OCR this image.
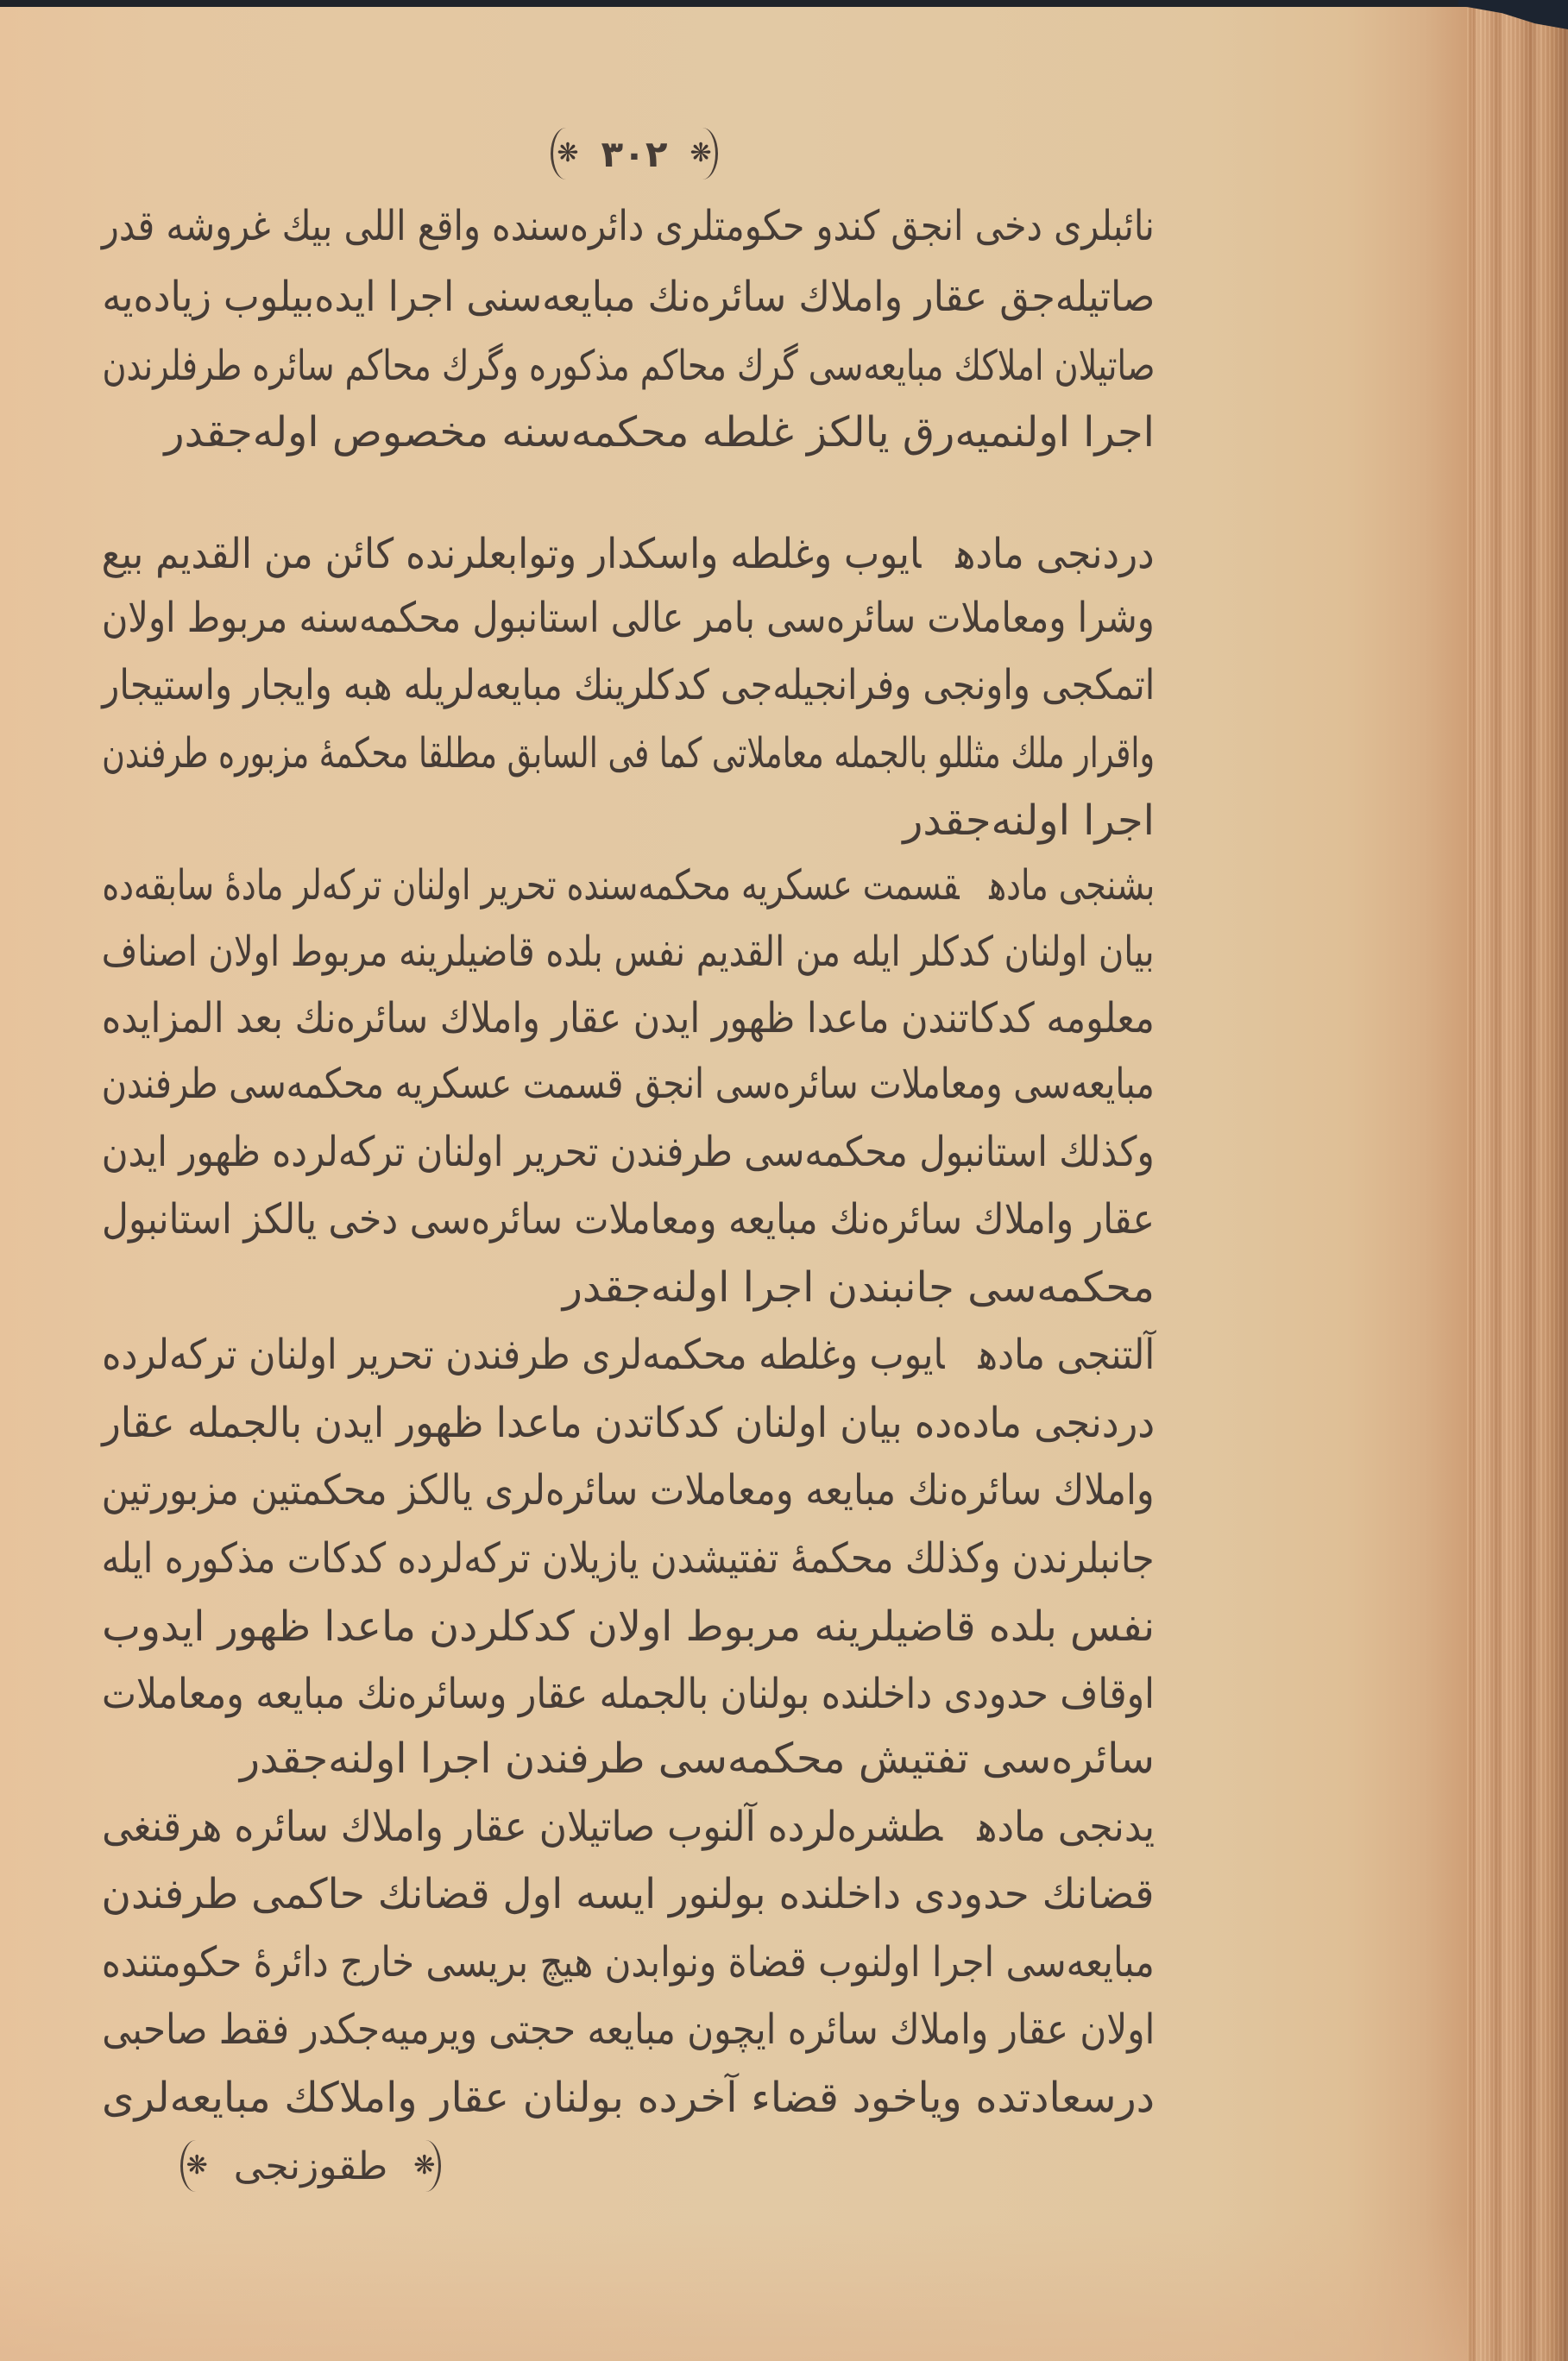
❋
٣٠٢
❋
نائبلری دخی انجق کندو حکومتلری دائره‌سنده واقع اللی بیك غروشه قدر
صاتیله‌جق عقار واملاك سائره‌نك مبایعه‌سنی اجرا ایده‌بیلوب زیاده‌یه
صاتیلان املاکك مبایعه‌سی گرك محاکم مذکوره وگرك محاکم سائره طرفلرندن
اجرا اولنمیه‌رق یالکز غلطه محکمه‌سنه مخصوص اوله‌جقدر
دردنجی مادهایوب وغلطه واسکدار وتوابعلرنده کائن من القدیم بیع
وشرا ومعاملات سائره‌سی بامر عالی استانبول محکمه‌سنه مربوط اولان
اتمکجی واونجی وفرانجیله‌جی کدکلرینك مبایعه‌لریله هبه وایجار واستیجار
واقرار ملك مثللو بالجمله معاملاتی کما فی السابق مطلقا محکمهٔ مزبوره طرفندن
اجرا اولنه‌جقدر
بشنجی مادهقسمت عسکریه محکمه‌سنده تحریر اولنان ترکه‌لر مادهٔ سابقه‌ده
بیان اولنان کدکلر ایله من القدیم نفس بلده قاضیلرینه مربوط اولان اصناف
معلومه کدکاتندن ماعدا ظهور ایدن عقار واملاك سائره‌نك بعد المزایده
مبایعه‌سی ومعاملات سائره‌سی انجق قسمت عسکریه محکمه‌سی طرفندن
وکذلك استانبول محکمه‌سی طرفندن تحریر اولنان ترکه‌لرده ظهور ایدن
عقار واملاك سائره‌نك مبایعه ومعاملات سائره‌سی دخی یالکز استانبول
محکمه‌سی جانبندن اجرا اولنه‌جقدر
آلتنجی مادهایوب وغلطه محکمه‌لری طرفندن تحریر اولنان ترکه‌لرده
دردنجی ماده‌ده بیان اولنان کدکاتدن ماعدا ظهور ایدن بالجمله عقار
واملاك سائره‌نك مبایعه ومعاملات سائره‌لری یالکز محکمتین مزبورتین
جانبلرندن وکذلك محکمهٔ تفتیشدن یازیلان ترکه‌لرده کدکات مذکوره ایله
نفس بلده قاضیلرینه مربوط اولان کدکلردن ماعدا ظهور ایدوب
اوقاف حدودی داخلنده بولنان بالجمله عقار وسائره‌نك مبایعه ومعاملات
سائره‌سی تفتیش محکمه‌سی طرفندن اجرا اولنه‌جقدر
یدنجی مادهطشره‌لرده آلنوب صاتیلان عقار واملاك سائره هرقنغی
قضانك حدودی داخلنده بولنور ایسه اول قضانك حاکمی طرفندن
مبایعه‌سی اجرا اولنوب قضاة ونوابدن هیچ بریسی خارج دائرهٔ حکومتنده
اولان عقار واملاك سائره ایچون مبایعه حجتی ویرمیه‌جکدر فقط صاحبی
درسعادتده ویاخود قضاء آخرده بولنان عقار واملاکك مبایعه‌لری
❋
طقوزنجی
❋
